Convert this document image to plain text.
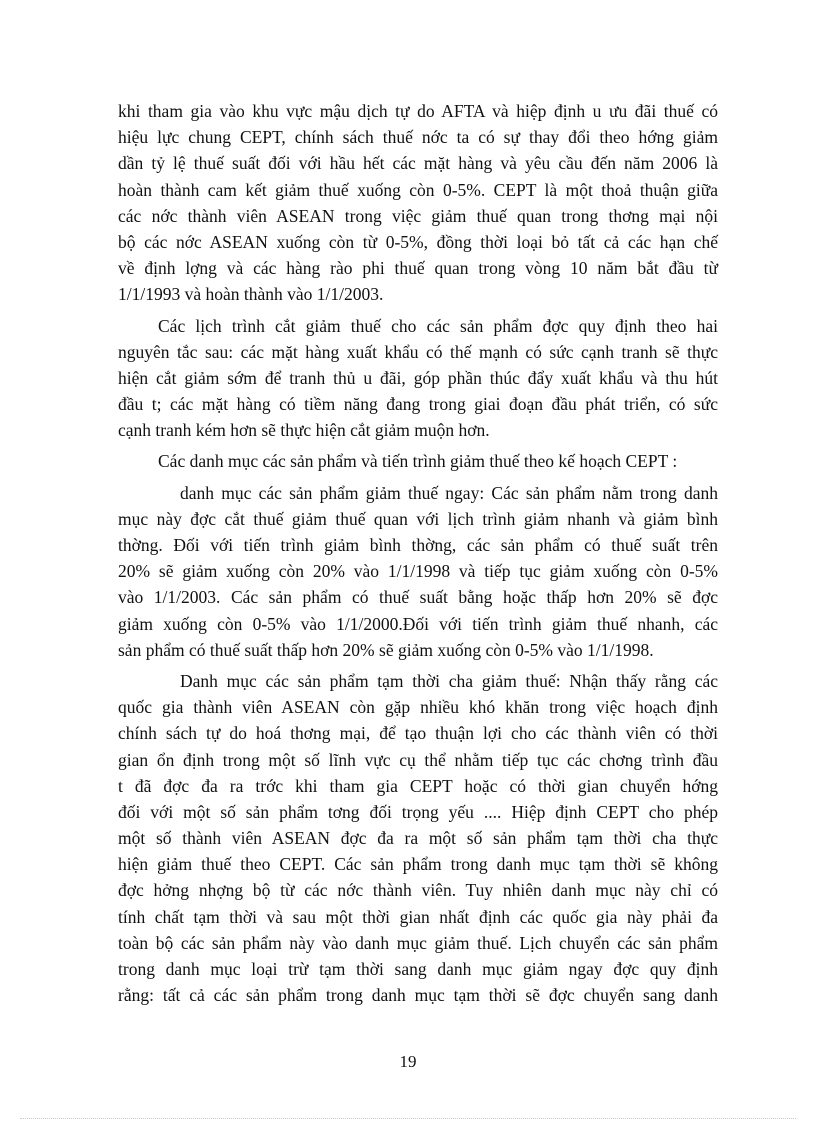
khi tham gia vào khu vực mậu dịch tự do AFTA và hiệp định u ưu đãi thuế có
hiệu lực chung CEPT, chính sách thuế nớc ta có sự thay đổi theo hớng giảm
dần tỷ lệ thuế suất đối với hầu hết các mặt hàng và yêu cầu đến năm 2006 là
hoàn thành cam kết giảm thuế xuống còn 0-5%. CEPT là một thoả thuận giữa
các nớc thành viên ASEAN trong việc giảm thuế quan trong thơng mại nội
bộ các nớc ASEAN xuống còn từ 0-5%, đồng thời loại bỏ tất cả các hạn chế
về định lợng và các hàng rào phi thuế quan trong vòng 10 năm bắt đầu từ
1/1/1993 và hoàn thành vào 1/1/2003.
Các lịch trình cắt giảm thuế cho các sản phẩm đợc quy định theo hai
nguyên tắc sau: các mặt hàng xuất khẩu có thế mạnh có sức cạnh tranh sẽ thực
hiện cắt giảm sớm để tranh thủ u đãi, góp phần thúc đẩy xuất khẩu và thu hút
đầu t; các mặt hàng có tiềm năng đang trong giai đoạn đầu phát triển, có sức
cạnh tranh kém hơn sẽ thực hiện cắt giảm muộn hơn.
Các danh mục các sản phẩm và tiến trình giảm thuế theo kế hoạch CEPT :
danh mục các sản phẩm giảm thuế ngay: Các sản phẩm nằm trong danh
mục này đợc cắt thuế giảm thuế quan với lịch trình giảm nhanh và giảm bình
thờng. Đối với tiến trình giảm bình thờng, các sản phẩm có thuế suất trên
20% sẽ giảm xuống còn 20% vào 1/1/1998 và tiếp tục giảm xuống còn 0-5%
vào 1/1/2003. Các sản phẩm có thuế suất bằng hoặc thấp hơn 20% sẽ đợc
giảm xuống còn 0-5% vào 1/1/2000.Đối với tiến trình giảm thuế nhanh, các
sản phẩm có thuế suất thấp hơn 20% sẽ giảm xuống còn 0-5% vào 1/1/1998.
Danh mục các sản phẩm tạm thời cha giảm thuế: Nhận thấy rằng các
quốc gia thành viên ASEAN còn gặp nhiều khó khăn trong việc hoạch định
chính sách tự do hoá thơng mại, để tạo thuận lợi cho các thành viên có thời
gian ổn định trong một số lĩnh vực cụ thể nhằm tiếp tục các chơng trình đầu
t đã đợc đa ra trớc khi tham gia CEPT hoặc có thời gian chuyển hớng
đối với một số sản phẩm tơng đối trọng yếu .... Hiệp định CEPT cho phép
một số thành viên ASEAN đợc đa ra một số sản phẩm tạm thời cha thực
hiện giảm thuế theo CEPT. Các sản phẩm trong danh mục tạm thời sẽ không
đợc hởng nhợng bộ từ các nớc thành viên. Tuy nhiên danh mục này chỉ có
tính chất tạm thời và sau một thời gian nhất định các quốc gia này phải đa
toàn bộ các sản phẩm này vào danh mục giảm thuế. Lịch chuyển các sản phẩm
trong danh mục loại trừ tạm thời sang danh mục giảm ngay đợc quy định
rằng: tất cả các sản phẩm trong danh mục tạm thời sẽ đợc chuyển sang danh
19
